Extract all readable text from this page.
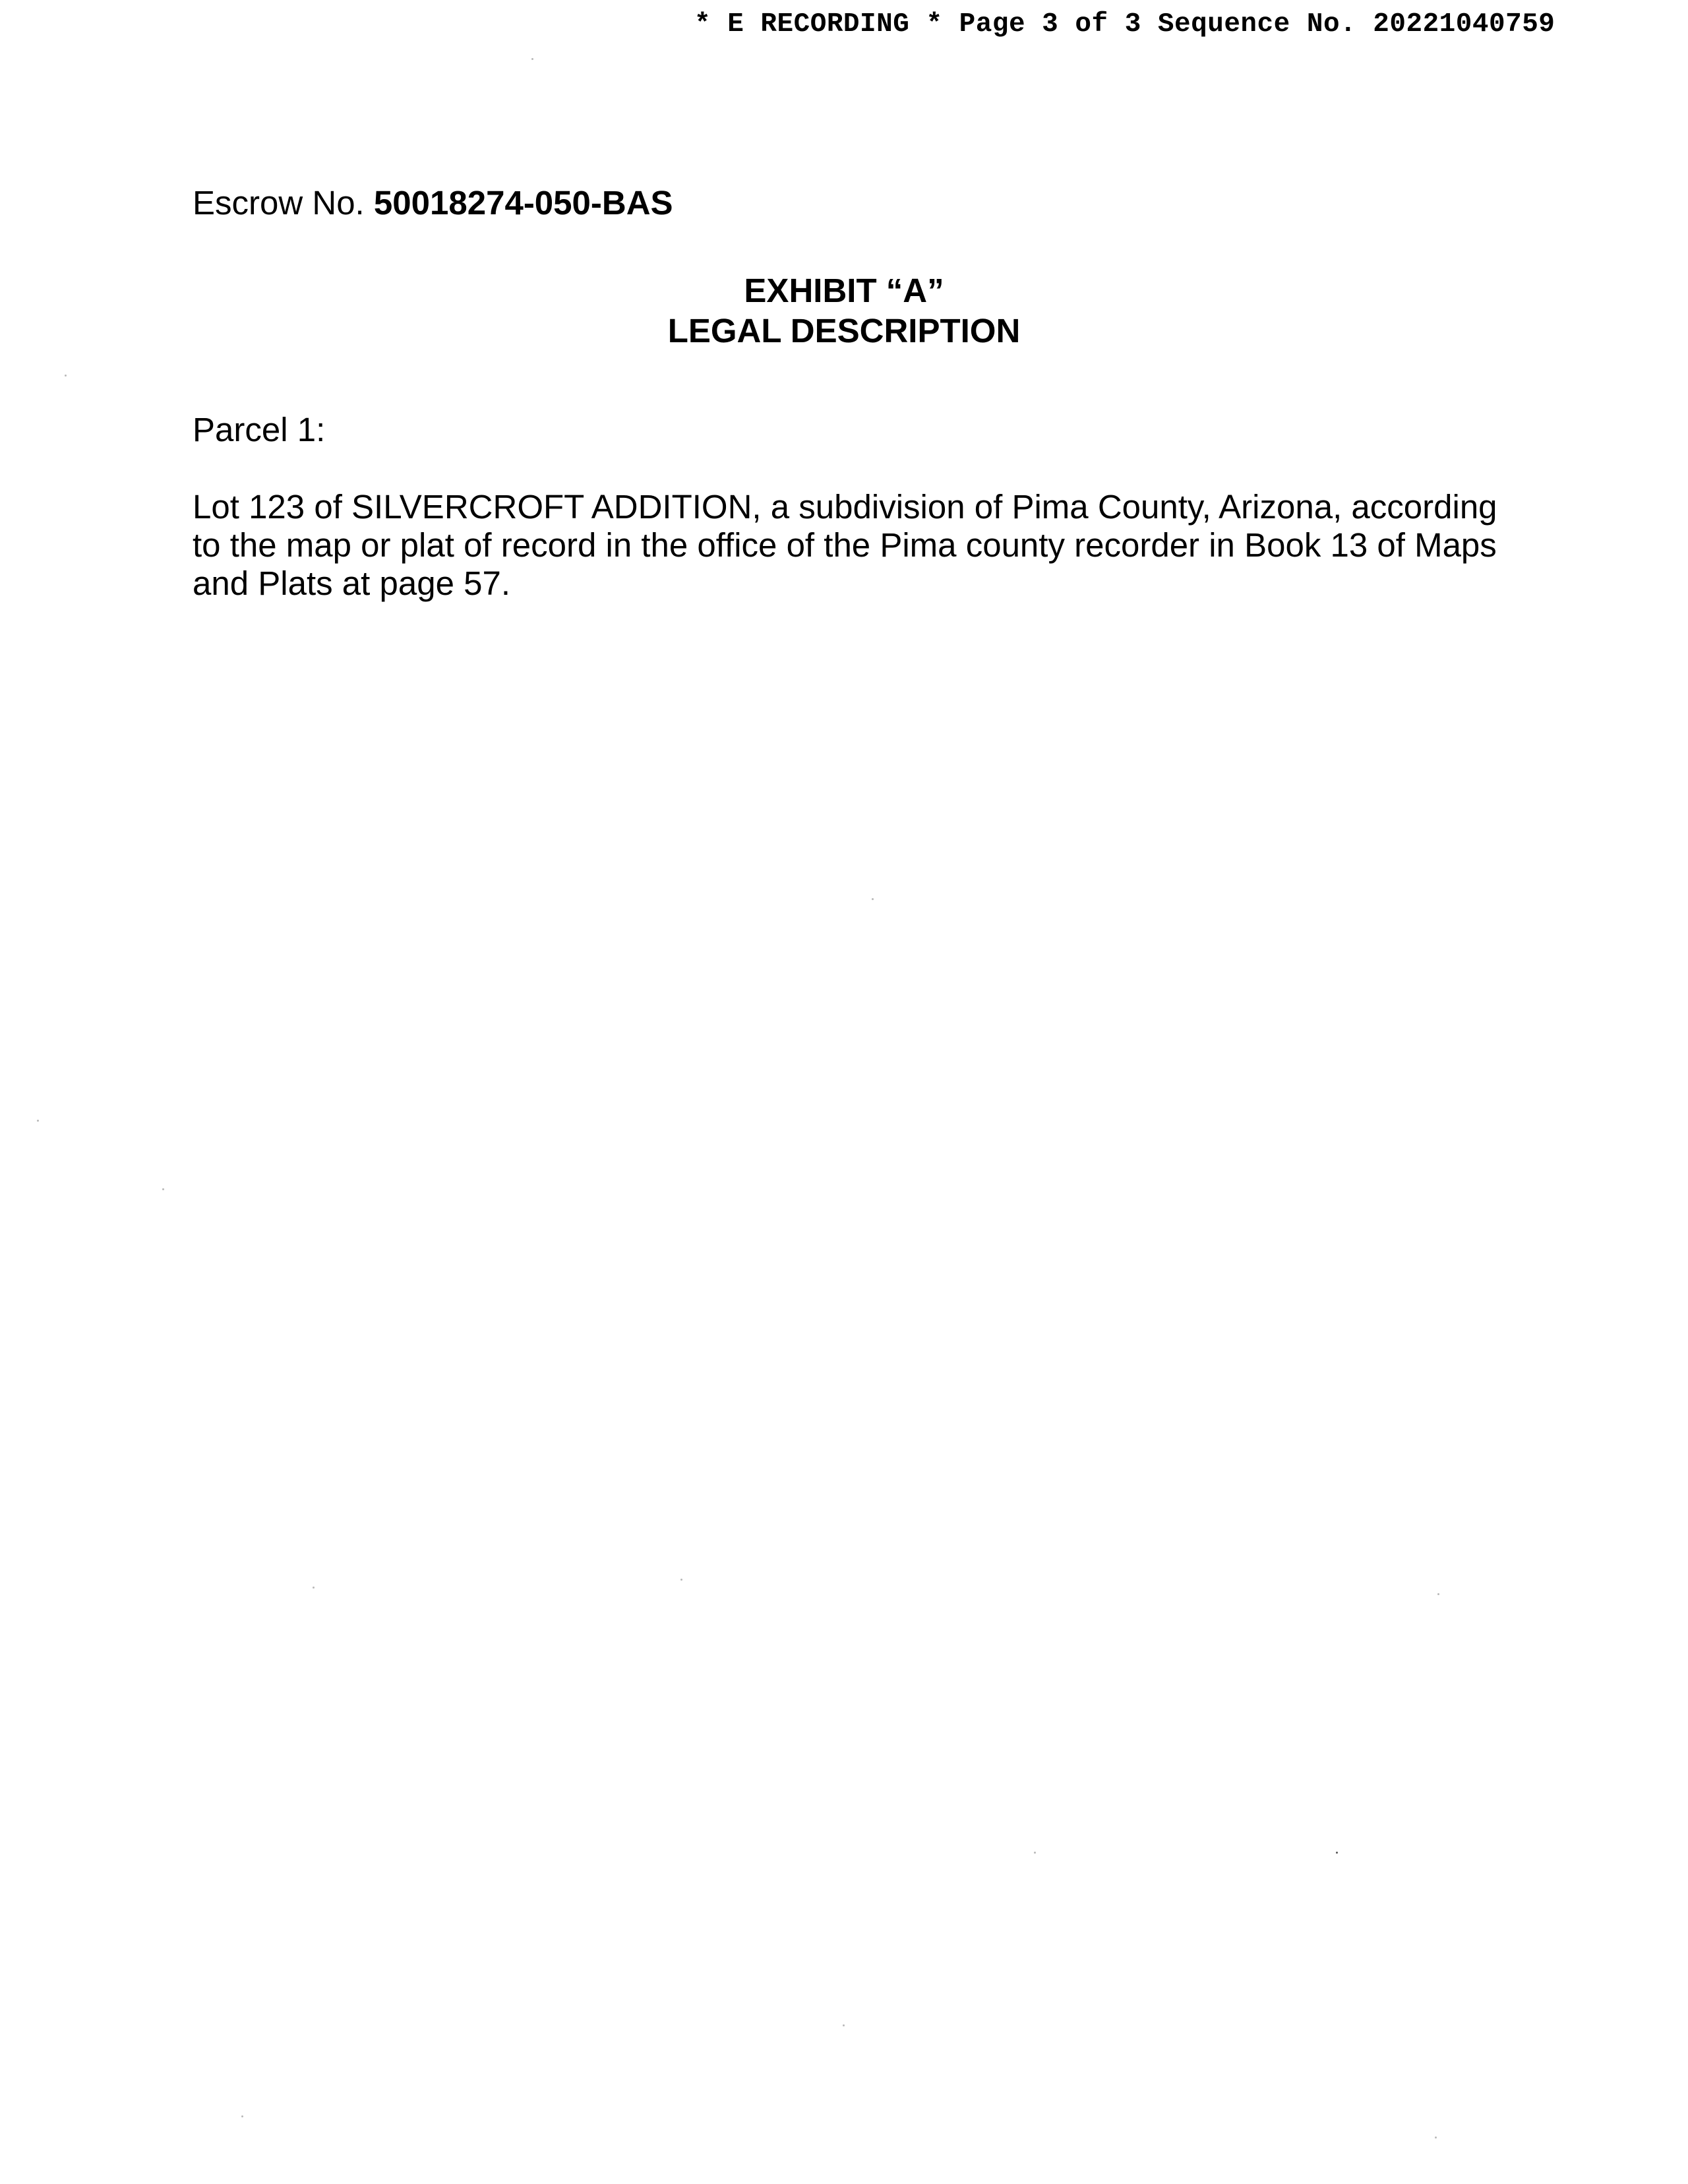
* E RECORDING * Page 3 of 3 Sequence No. 20221040759
Escrow No. 50018274-050-BAS
EXHIBIT “A”
LEGAL DESCRIPTION
Parcel 1:
Lot 123 of SILVERCROFT ADDITION, a subdivision of Pima County, Arizona, according to the map or plat of record in the office of the Pima county recorder in Book 13 of Maps and Plats at page 57.
